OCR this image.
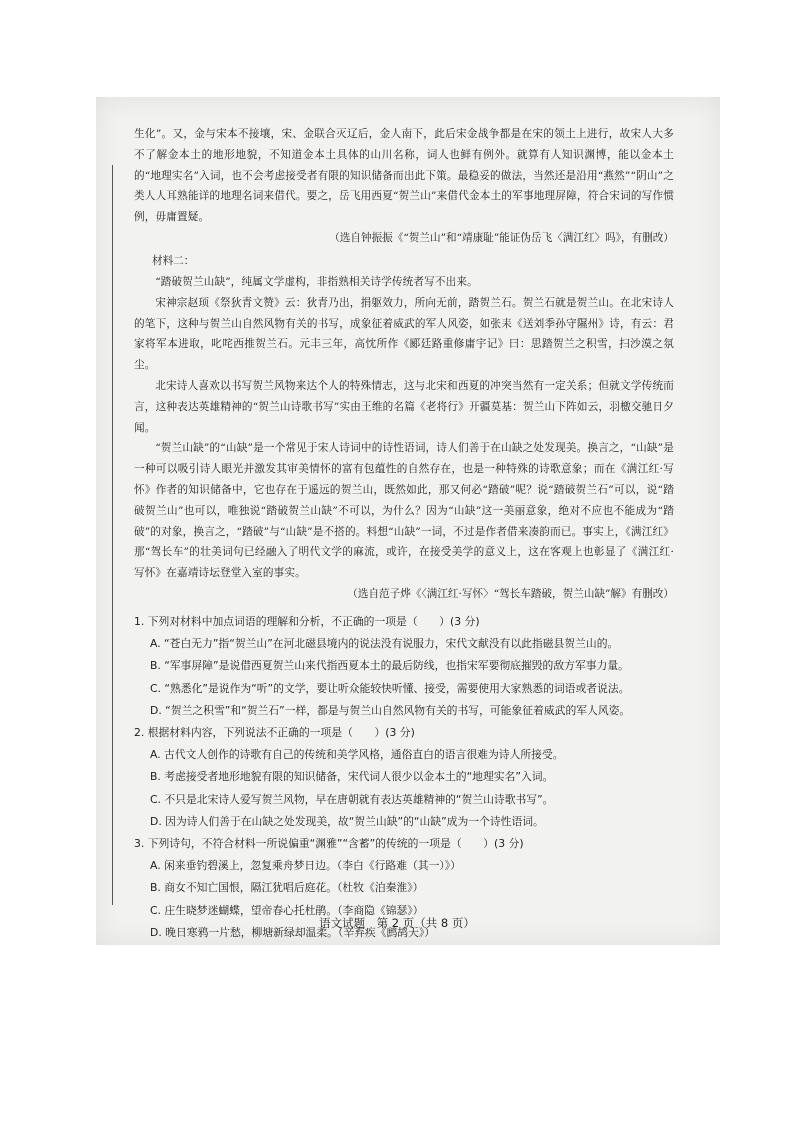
生化”。又，金与宋本不接壤，宋、金联合灭辽后，金人南下，此后宋金战争都是在宋的领土上进行，故宋人大多不了解金本土的地形地貌，不知道金本土具体的山川名称，词人也鲜有例外。就算有人知识渊博，能以金本土的“地理实名”入词，也不会考虑接受者有限的知识储备而出此下策。最稳妥的做法，当然还是沿用“燕然”“阴山”之类人人耳熟能详的地理名词来借代。要之，岳飞用西夏“贺兰山”来借代金本土的军事地理屏障，符合宋词的写作惯例，毋庸置疑。

（选自钟振振《“贺兰山”和“靖康耻”能证伪岳飞〈满江红〉吗》，有删改）

材料二：

“踏破贺兰山缺”，纯属文学虚构，非指熟相关诗学传统者写不出来。

宋神宗赵顼《祭狄青文赞》云：狄青乃出，捐躯效力，所向无前，踏贺兰石。贺兰石就是贺兰山。在北宋诗人的笔下，这种与贺兰山自然风物有关的书写，成象征着威武的军人风姿，如张耒《送刘季孙守隰州》诗，有云：君家将军本进取，叱咤西推贺兰石。元丰三年，高忱所作《郾廷路重修庸宇记》曰：思踏贺兰之积雪，扫沙漠之氛尘。

北宋诗人喜欢以书写贺兰风物来达个人的特殊情志，这与北宋和西夏的冲突当然有一定关系；但就文学传统而言，这种表达英雄精神的“贺兰山诗歌书写”实由王维的名篇《老将行》开疆莫基：贺兰山下阵如云，羽檄交驰日夕闻。

“贺兰山缺”的“山缺”是一个常见于宋人诗词中的诗性语词，诗人们善于在山缺之处发现美。换言之，“山缺”是一种可以吸引诗人眼光并激发其审美情怀的富有包蕴性的自然存在，也是一种特殊的诗歌意象；而在《满江红·写怀》作者的知识储备中，它也存在于遥远的贺兰山，既然如此，那又何必“踏破”呢？说“踏破贺兰石”可以，说“踏破贺兰山”也可以，唯独说“踏破贺兰山缺”不可以，为什么？因为“山缺”这一美丽意象，绝对不应也不能成为“踏破”的对象，换言之，“踏破”与“山缺”是不搭的。料想“山缺”一词，不过是作者借来凑韵而已。事实上，《满江红》那“驾长车”的壮美词句已经融入了明代文学的麻流，或许，在接受美学的意义上，这在客观上也彰显了《满江红·写怀》在嘉靖诗坛登堂入室的事实。

（选自范子烨《〈满江红·写怀〉“驾长车踏破，贺兰山缺”解》有删改）

1. 下列对材料中加点词语的理解和分析，不正确的一项是（　　）(3 分)

A. “苍白无力”指“贺兰山”在河北磁县境内的说法没有说服力，宋代文献没有以此指磁县贺兰山的。

B. “军事屏障”是说借西夏贺兰山来代指西夏本土的最后防线，也指宋军要彻底摧毁的敌方军事力量。

C. “熟悉化”是说作为“听”的文学，要让听众能较快听懂、接受，需要使用大家熟悉的词语或者说法。

D. “贺兰之积雪”和“贺兰石”一样，都是与贺兰山自然风物有关的书写，可能象征着威武的军人风姿。

2. 根据材料内容，下列说法不正确的一项是（　　）(3 分)

A. 古代文人创作的诗歌有自己的传统和美学风格，通俗直白的语言很难为诗人所接受。

B. 考虑接受者地形地貌有限的知识储备，宋代词人很少以金本土的“地理实名”入词。

C. 不只是北宋诗人爱写贺兰风物，早在唐朝就有表达英雄精神的“贺兰山诗歌书写”。

D. 因为诗人们善于在山缺之处发现美，故“贺兰山缺”的“山缺”成为一个诗性语词。

3. 下列诗句，不符合材料一所说偏重“渊雅”“含蓄”的传统的一项是（　　）(3 分)

A. 闲来垂钓碧溪上，忽复乘舟梦日边。（李白《行路难（其一）》）

B. 商女不知亡国恨，隔江犹唱后庭花。（杜牧《泊秦淮》）

C. 庄生晓梦迷蝴蝶，望帝春心托杜鹃。（李商隐《锦瑟》）

D. 晚日寒鸦一片愁，柳塘新绿却温柔。（辛弃疾《鹧鸪天》）

语文试题　第 2 页（共 8 页）
